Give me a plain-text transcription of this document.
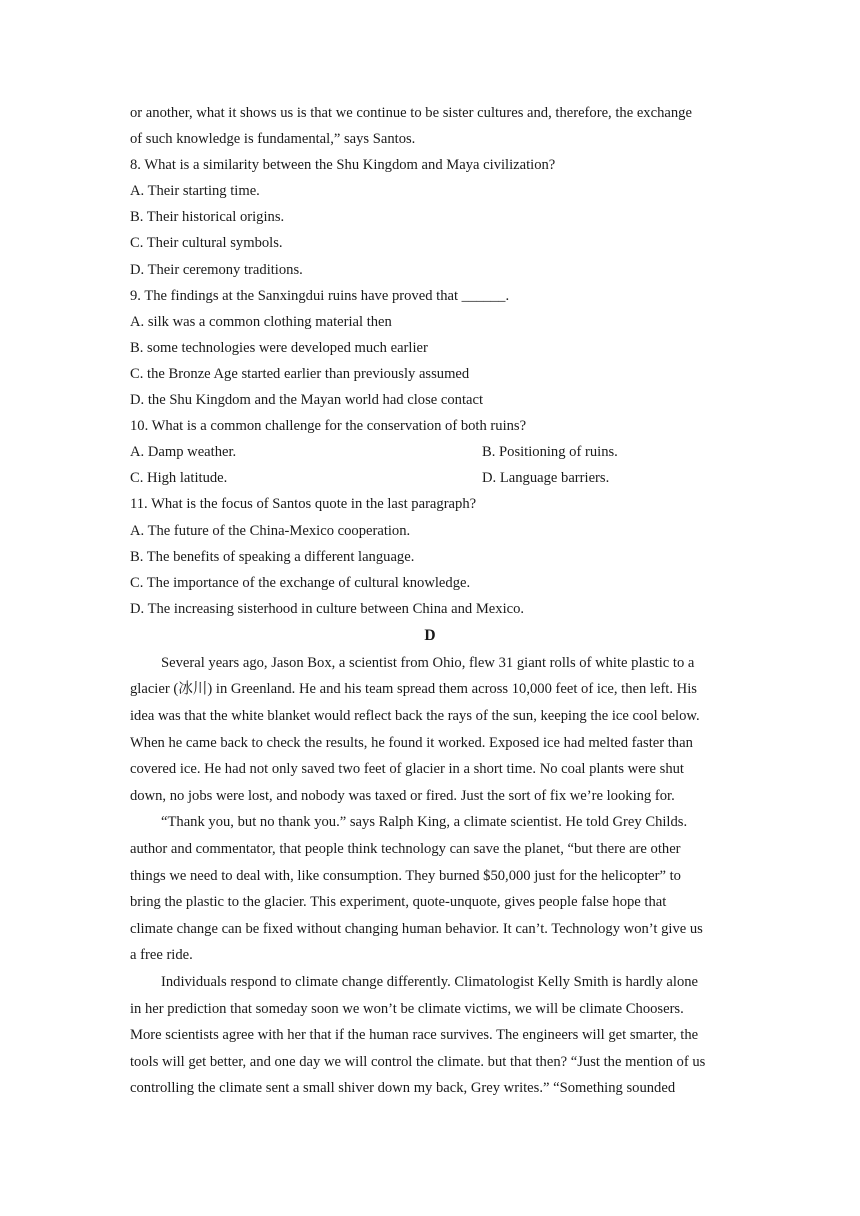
or another, what it shows us is that we continue to be sister cultures and, therefore, the exchange
of such knowledge is fundamental,” says Santos.
8. What is a similarity between the Shu Kingdom and Maya civilization?
A. Their starting time.
B. Their historical origins.
C. Their cultural symbols.
D. Their ceremony traditions.
9. The findings at the Sanxingdui ruins have proved that ______.
A. silk was a common clothing material then
B. some technologies were developed much earlier
C. the Bronze Age started earlier than previously assumed
D. the Shu Kingdom and the Mayan world had close contact
10. What is a common challenge for the conservation of both ruins?
A. Damp weather.	B. Positioning of ruins.
C. High latitude.	D. Language barriers.
11. What is the focus of Santos quote in the last paragraph?
A. The future of the China-Mexico cooperation.
B. The benefits of speaking a different language.
C. The importance of the exchange of cultural knowledge.
D. The increasing sisterhood in culture between China and Mexico.
D
Several years ago, Jason Box, a scientist from Ohio, flew 31 giant rolls of white plastic to a
glacier (冰川) in Greenland. He and his team spread them across 10,000 feet of ice, then left. His
idea was that the white blanket would reflect back the rays of the sun, keeping the ice cool below.
When he came back to check the results, he found it worked. Exposed ice had melted faster than
covered ice. He had not only saved two feet of glacier in a short time. No coal plants were shut
down, no jobs were lost, and nobody was taxed or fired. Just the sort of fix we’re looking for.
“Thank you, but no thank you.” says Ralph King, a climate scientist. He told Grey Childs.
author and commentator, that people think technology can save the planet, “but there are other
things we need to deal with, like consumption. They burned $50,000 just for the helicopter” to
bring the plastic to the glacier. This experiment, quote-unquote, gives people false hope that
climate change can be fixed without changing human behavior. It can’t. Technology won’t give us
a free ride.
Individuals respond to climate change differently. Climatologist Kelly Smith is hardly alone
in her prediction that someday soon we won’t be climate victims, we will be climate Choosers.
More scientists agree with her that if the human race survives. The engineers will get smarter, the
tools will get better, and one day we will control the climate. but that then? “Just the mention of us
controlling the climate sent a small shiver down my back, Grey writes.” “Something sounded
